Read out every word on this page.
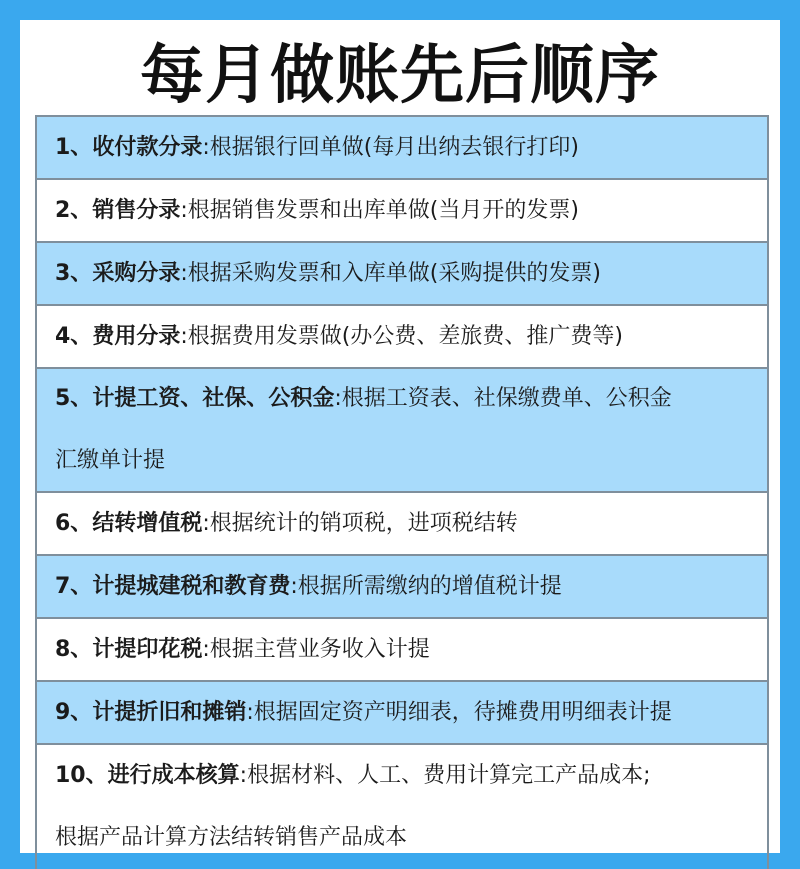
每月做账先后顺序
1、收付款分录:根据银行回单做(每月出纳去银行打印)
2、销售分录:根据销售发票和出库单做(当月开的发票)
3、采购分录:根据采购发票和入库单做(采购提供的发票)
4、费用分录:根据费用发票做(办公费、差旅费、推广费等)
5、计提工资、社保、公积金:根据工资表、社保缴费单、公积金
汇缴单计提
6、结转增值税:根据统计的销项税，进项税结转
7、计提城建税和教育费:根据所需缴纳的增值税计提
8、计提印花税:根据主营业务收入计提
9、计提折旧和摊销:根据固定资产明细表，待摊费用明细表计提
10、进行成本核算:根据材料、人工、费用计算完工产品成本;
根据产品计算方法结转销售产品成本
